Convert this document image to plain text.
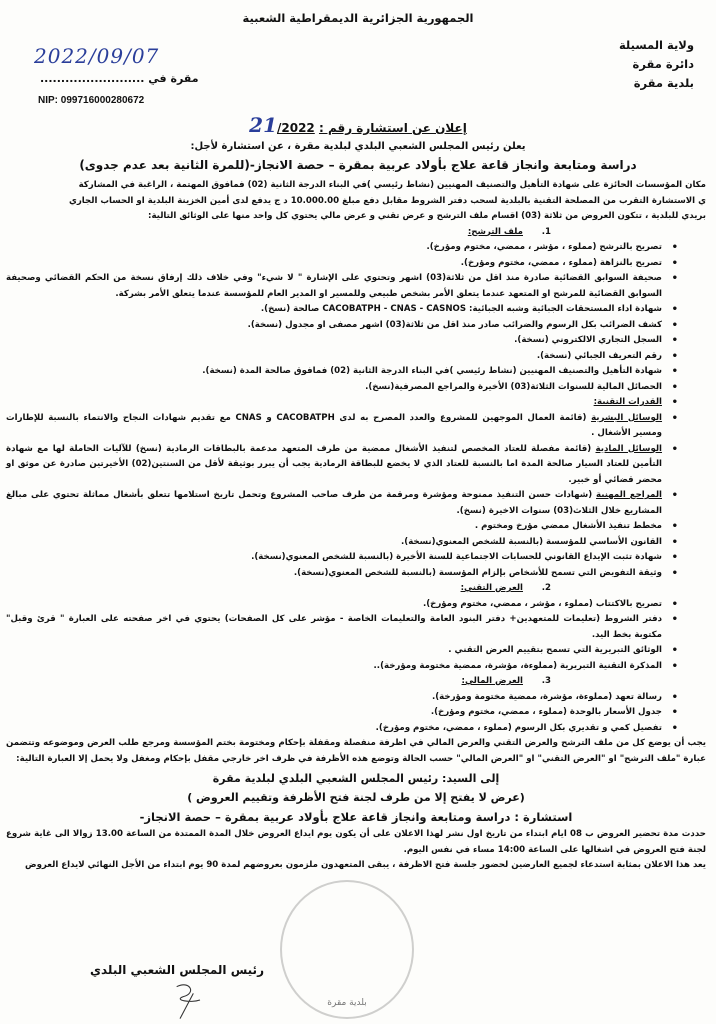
الجمهورية الجزائرية الديمقراطية الشعبية
ولاية المسيلة
دائرة مقرة
بلدية مقرة
2022/09/07
مقرة في .........................
NIP: 099716000280672
إعلان عن استشارة رقم : 21/2022
يعلن رئيس المجلس الشعبي البلدي لبلدية مقرة ، عن استشارة لأجل:
دراسة ومتابعة وانجاز قاعة علاج بأولاد عربية بمقرة – حصة الانجاز-(للمرة الثانية بعد عدم جدوى)

مكان المؤسسات الحائزة على شهادة التأهيل والتصنيف المهنيين (نشاط رئيسي )في البناء الدرجة الثانية (02) فمافوق المهتمة ، الراغبة في المشاركة

ي الاستشارة التقرب من المصلحة التقنية بالبلدية لسحب دفتر الشروط مقابل دفع مبلغ 10.000.00 د ج يدفع لدى أمين الخزينة البلدية او الحساب الجاري

بريدي للبلدية ، تتكون العروض من ثلاثة (03) اقسام ملف الترشح و عرض تقني و عرض مالي يحتوي كل واحد منها على الوثائق التالية:

1.ملف الترشح:
• تصريح بالترشح (مملوء ، مؤشر ، ممضي، مختوم ومؤرخ).
• تصريح بالنزاهة (مملوء ، ممضي، مختوم ومؤرخ).
• صحيفة السوابق القضائية صادرة منذ اقل من ثلاثة(03) اشهر وتحتوي على الإشارة " لا شيء" وفي خلاف ذلك إرفاق نسخة من الحكم القضائي وصحيفة السوابق القضائية للمرشح او المتعهد عندما يتعلق الأمر بشخص طبيعي وللمسير او المدير العام للمؤسسة عندما يتعلق الأمر بشركة.
• شهادة اداء المستحقات الجبائية وشبه الجبائية: CACOBATPH - CNAS - CASNOS صالحة (نسخ).
• كشف الضرائب بكل الرسوم والضرائب صادر منذ اقل من ثلاثة(03) اشهر مصفى او مجدول (نسخة).
• السجل التجاري الالكتروني (نسخة).
• رقم التعريف الجبائي (نسخة).
• شهادة التأهيل والتصنيف المهنيين (نشاط رئيسي )في البناء الدرجة الثانية (02) فمافوق صالحة المدة (نسخة).
• الحصائل المالية للسنوات الثلاثة(03) الأخيرة والمراجع المصرفية(نسخ).
• القدرات التقنية:
• الوسائل البشرية (قائمة العمال الموجهين للمشروع والعدد المصرح به لدى CACOBATPH و CNAS مع تقديم شهادات النجاح والانتماء بالنسبة للإطارات ومسير الأشغال .
• الوسائل المادية (قائمة مفصلة للعتاد المخصص لتنفيذ الأشغال ممضية من طرف المتعهد مدعمة بالبطاقات الرمادية (نسخ) للآليات الحاملة لها مع شهادة التأمين للعتاد السيار صالحة المدة اما بالنسبة للعتاد الذي لا يخضع للبطاقة الرمادية يجب أن يبرر بوثيقة لأقل من السنتين(02) الأخيرتين صادرة عن موثق او محضر قضائي أو خبير.
• المراجع المهنية (شهادات حسن التنفيذ ممنوحة ومؤشرة ومرقمة من طرف صاحب المشروع وتحمل تاريخ استلامها تتعلق بأشغال مماثلة تحتوي على مبالغ المشاريع خلال الثلاث(03) سنوات الاخيرة (نسخ).
• مخطط تنفيذ الأشغال ممضي مؤرخ ومختوم .
• القانون الأساسي للمؤسسة (بالنسبة للشخص المعنوي(نسخة).
• شهادة تثبت الإيداع القانوني للحسابات الاجتماعية للسنة الأخيرة (بالنسبة للشخص المعنوي(نسخة).
• وثيقة التفويض التي تسمح للأشخاص بإلزام المؤسسة (بالنسبة للشخص المعنوي(نسخة).
2.العرض التقني:
• تصريح بالاكتتاب (مملوء ، مؤشر ، ممضي، مختوم ومؤرخ).
• دفتر الشروط (تعليمات للمتعهدين+ دفتر البنود العامة والتعليمات الخاصة - مؤشر على كل الصفحات) يحتوي في اخر صفحته على العبارة " قرئ وقبل" مكتوبة بخط اليد.
• الوثائق التبريرية التي تسمح بتقييم العرض التقني .
• المذكرة التقنية التبريرية (مملوءة، مؤشرة، ممضية مختومة ومؤرخة)..
3.العرض المالي:
• رسالة تعهد (مملوءة، مؤشرة، ممضية مختومة ومؤرخة).
• جدول الأسعار بالوحدة (مملوء ، ممضي، مختوم ومؤرخ).
• تفصيل كمي و تقديري بكل الرسوم (مملوء ، ممضي، مختوم ومؤرخ).

يجب أن يوضع كل من ملف الترشح والعرض التقني والعرض المالي في اظرفة منفصلة ومقفلة بإحكام ومختومة بختم المؤسسة ومرجع طلب العرض وموضوعه وتتضمن عبارة "ملف الترشح" او "العرض التقني" او "العرض المالي" حسب الحالة وتوضع هذه الأظرفة في ظرف اخر خارجي مقفل بإحكام ومغفل ولا يحمل إلا العبارة التالية:

إلى السيد: رئيس المجلس الشعبي البلدي لبلدية مقرة
(عرض لا يفتح إلا من طرف لجنة فتح الأظرفة وتقييم العروض )
استشارة : دراسة ومتابعة وانجاز قاعة علاج بأولاد عربية بمقرة – حصة الانجاز-

حددت مدة تحضير العروض ب 08 ايام ابتداء من تاريخ اول نشر لهذا الاعلان على أن يكون يوم ايداع العروض خلال المدة الممتدة من الساعة 13.00 زوالا الى غاية شروع لجنة فتح العروض في اشغالها على الساعة 14:00 مساء في نفس اليوم.

يعد هذا الاعلان بمثابة استدعاء لجميع العارضين لحضور جلسة فتح الاظرفة ، يبقى المتعهدون ملزمون بعروضهم لمدة 90 يوم ابتداء من الأجل النهائي لايداع العروض

بلدية مقرة
رئيس المجلس الشعبي البلدي
